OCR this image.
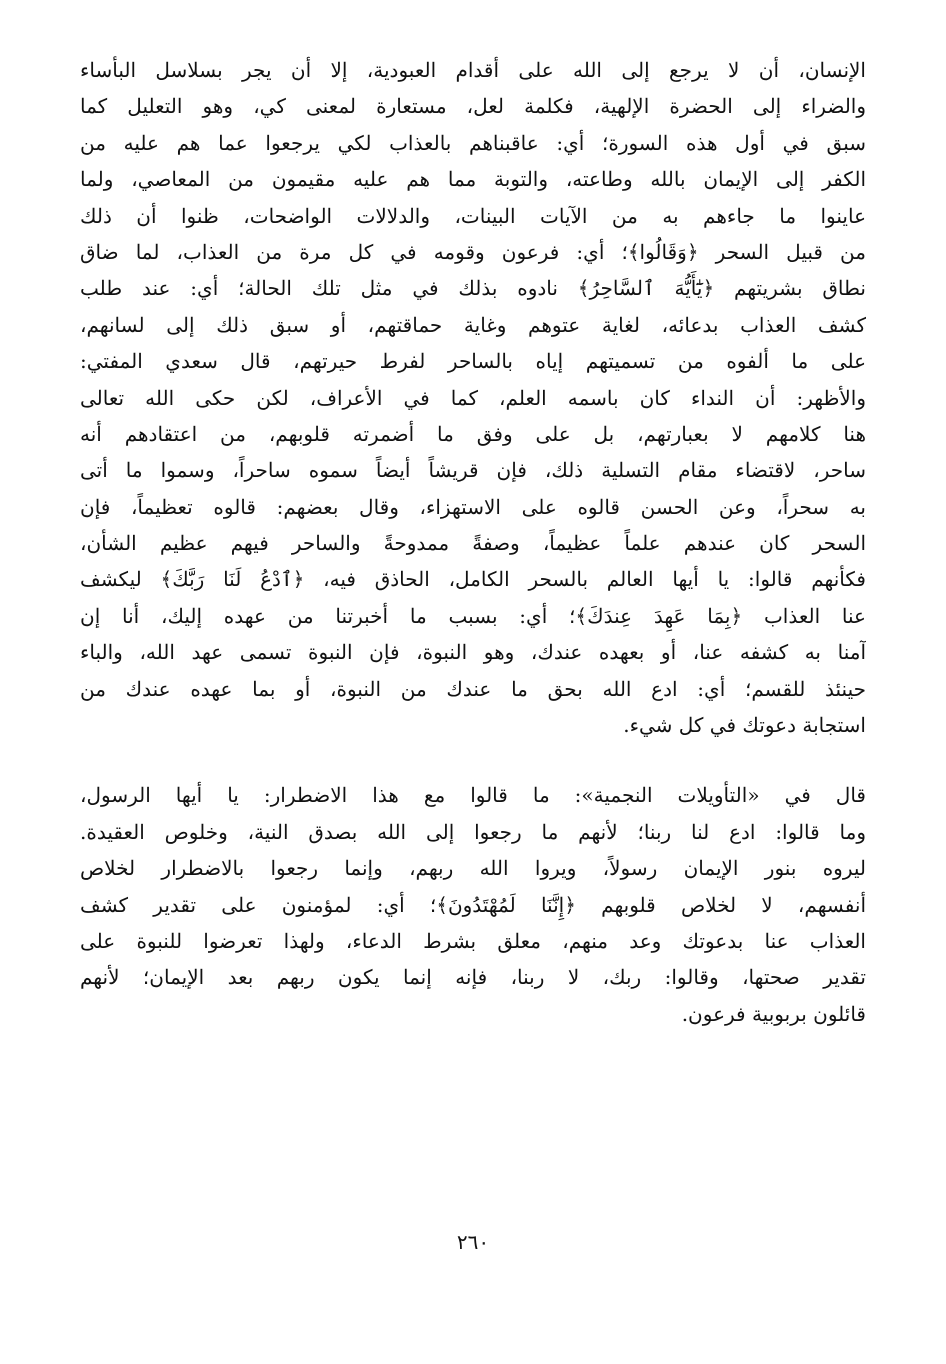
الإنسان، أن لا يرجع إلى الله على أقدام العبودية، إلا أن يجر بسلاسل البأساء
والضراء إلى الحضرة الإلهية، فكلمة لعل، مستعارة لمعنى كي، وهو التعليل كما
سبق في أول هذه السورة؛ أي: عاقبناهم بالعذاب لكي يرجعوا عما هم عليه من
الكفر إلى الإيمان بالله وطاعته، والتوبة مما هم عليه مقيمون من المعاصي، ولما
عاينوا ما جاءهم به من الآيات البينات، والدلالات الواضحات، ظنوا أن ذلك
من قبيل السحر ﴿وَقَالُوا﴾؛ أي: فرعون وقومه في كل مرة من العذاب، لما ضاق
نطاق بشريتهم ﴿يَٰٓأَيُّهَ ٱلسَّاحِرُ﴾ نادوه بذلك في مثل تلك الحالة؛ أي: عند طلب
كشف العذاب بدعائه، لغاية عتوهم وغاية حماقتهم، أو سبق ذلك إلى لسانهم،
على ما ألفوه من تسميتهم إياه بالساحر لفرط حيرتهم، قال سعدي المفتي:
والأظهر: أن النداء كان باسمه العلم، كما في الأعراف، لكن حكى الله تعالى
هنا كلامهم لا بعبارتهم، بل على وفق ما أضمرته قلوبهم، من اعتقادهم أنه
ساحر، لاقتضاء مقام التسلية ذلك، فإن قريشاً أيضاً سموه ساحراً، وسموا ما أتى
به سحراً، وعن الحسن قالوه على الاستهزاء، وقال بعضهم: قالوه تعظيماً، فإن
السحر كان عندهم علماً عظيماً، وصفةً ممدوحةً والساحر فيهم عظيم الشأن،
فكأنهم قالوا: يا أيها العالم بالسحر الكامل، الحاذق فيه، ﴿ٱدْعُ لَنَا رَبَّكَ﴾ ليكشف
عنا العذاب ﴿بِمَا عَهِدَ عِندَكَ﴾؛ أي: بسبب ما أخبرتنا من عهده إليك، أنا إن
آمنا به كشفه عنا، أو بعهده عندك، وهو النبوة، فإن النبوة تسمى عهد الله، والباء
حينئذ للقسم؛ أي: ادع الله بحق ما عندك من النبوة، أو بما عهده عندك من
استجابة دعوتك في كل شيء.
قال في «التأويلات النجمية»: ما قالوا مع هذا الاضطرار: يا أيها الرسول،
وما قالوا: ادع لنا ربنا؛ لأنهم ما رجعوا إلى الله بصدق النية، وخلوص العقيدة.
ليروه بنور الإيمان رسولاً، ويروا الله ربهم، وإنما رجعوا بالاضطرار لخلاص
أنفسهم، لا لخلاص قلوبهم ﴿إِنَّنَا لَمُهْتَدُونَ﴾؛ أي: لمؤمنون على تقدير كشف
العذاب عنا بدعوتك وعد منهم، معلق بشرط الدعاء، ولهذا تعرضوا للنبوة على
تقدير صحتها، وقالوا: ربك، لا ربنا، فإنه إنما يكون ربهم بعد الإيمان؛ لأنهم
قائلون بربوبية فرعون.
٢٦٠
